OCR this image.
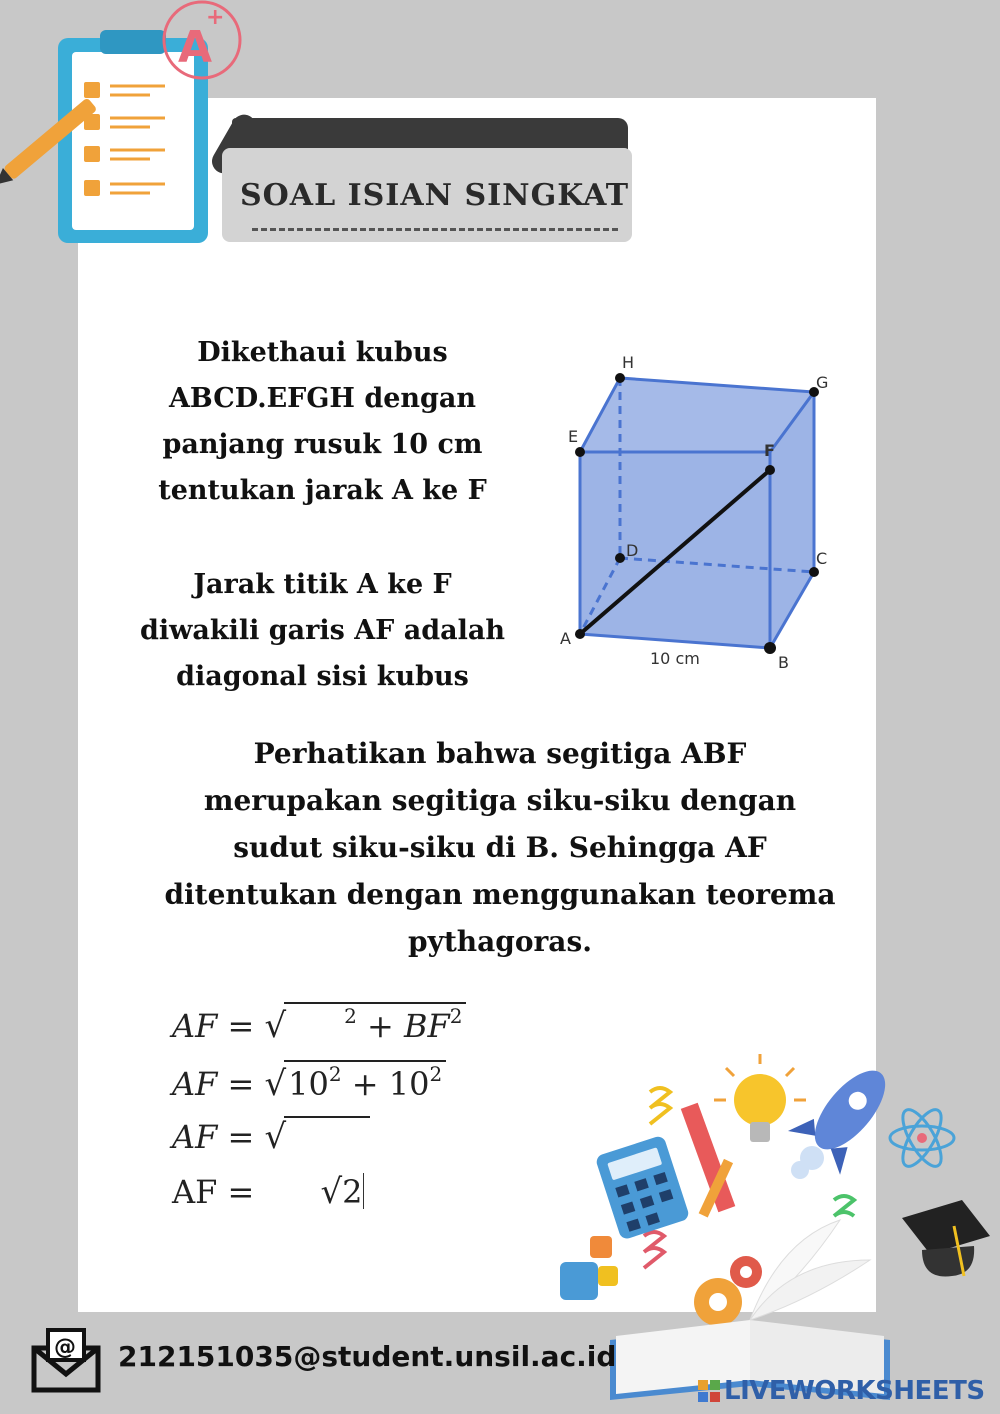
A
+
SOAL ISIAN SINGKAT
Dikethaui kubus
ABCD.EFGH dengan
panjang rusuk 10 cm
tentukan jarak A ke F
Jarak titik A ke F
diwakili garis AF adalah
diagonal sisi kubus
H
G
E
F
D	C
A
B
10 cm
Perhatikan bahwa segitiga ABF
merupakan segitiga siku-siku dengan
sudut siku-siku di B. Sehingga AF
ditentukan dengan menggunakan teorema
pythagoras.
AF = √	$^2 + BF^2$
AF = $√10^2 + 10^2$
AF = √
AF = √2
@ 212151035@student.unsil.ac.id
LIVEWORKSHEETS
